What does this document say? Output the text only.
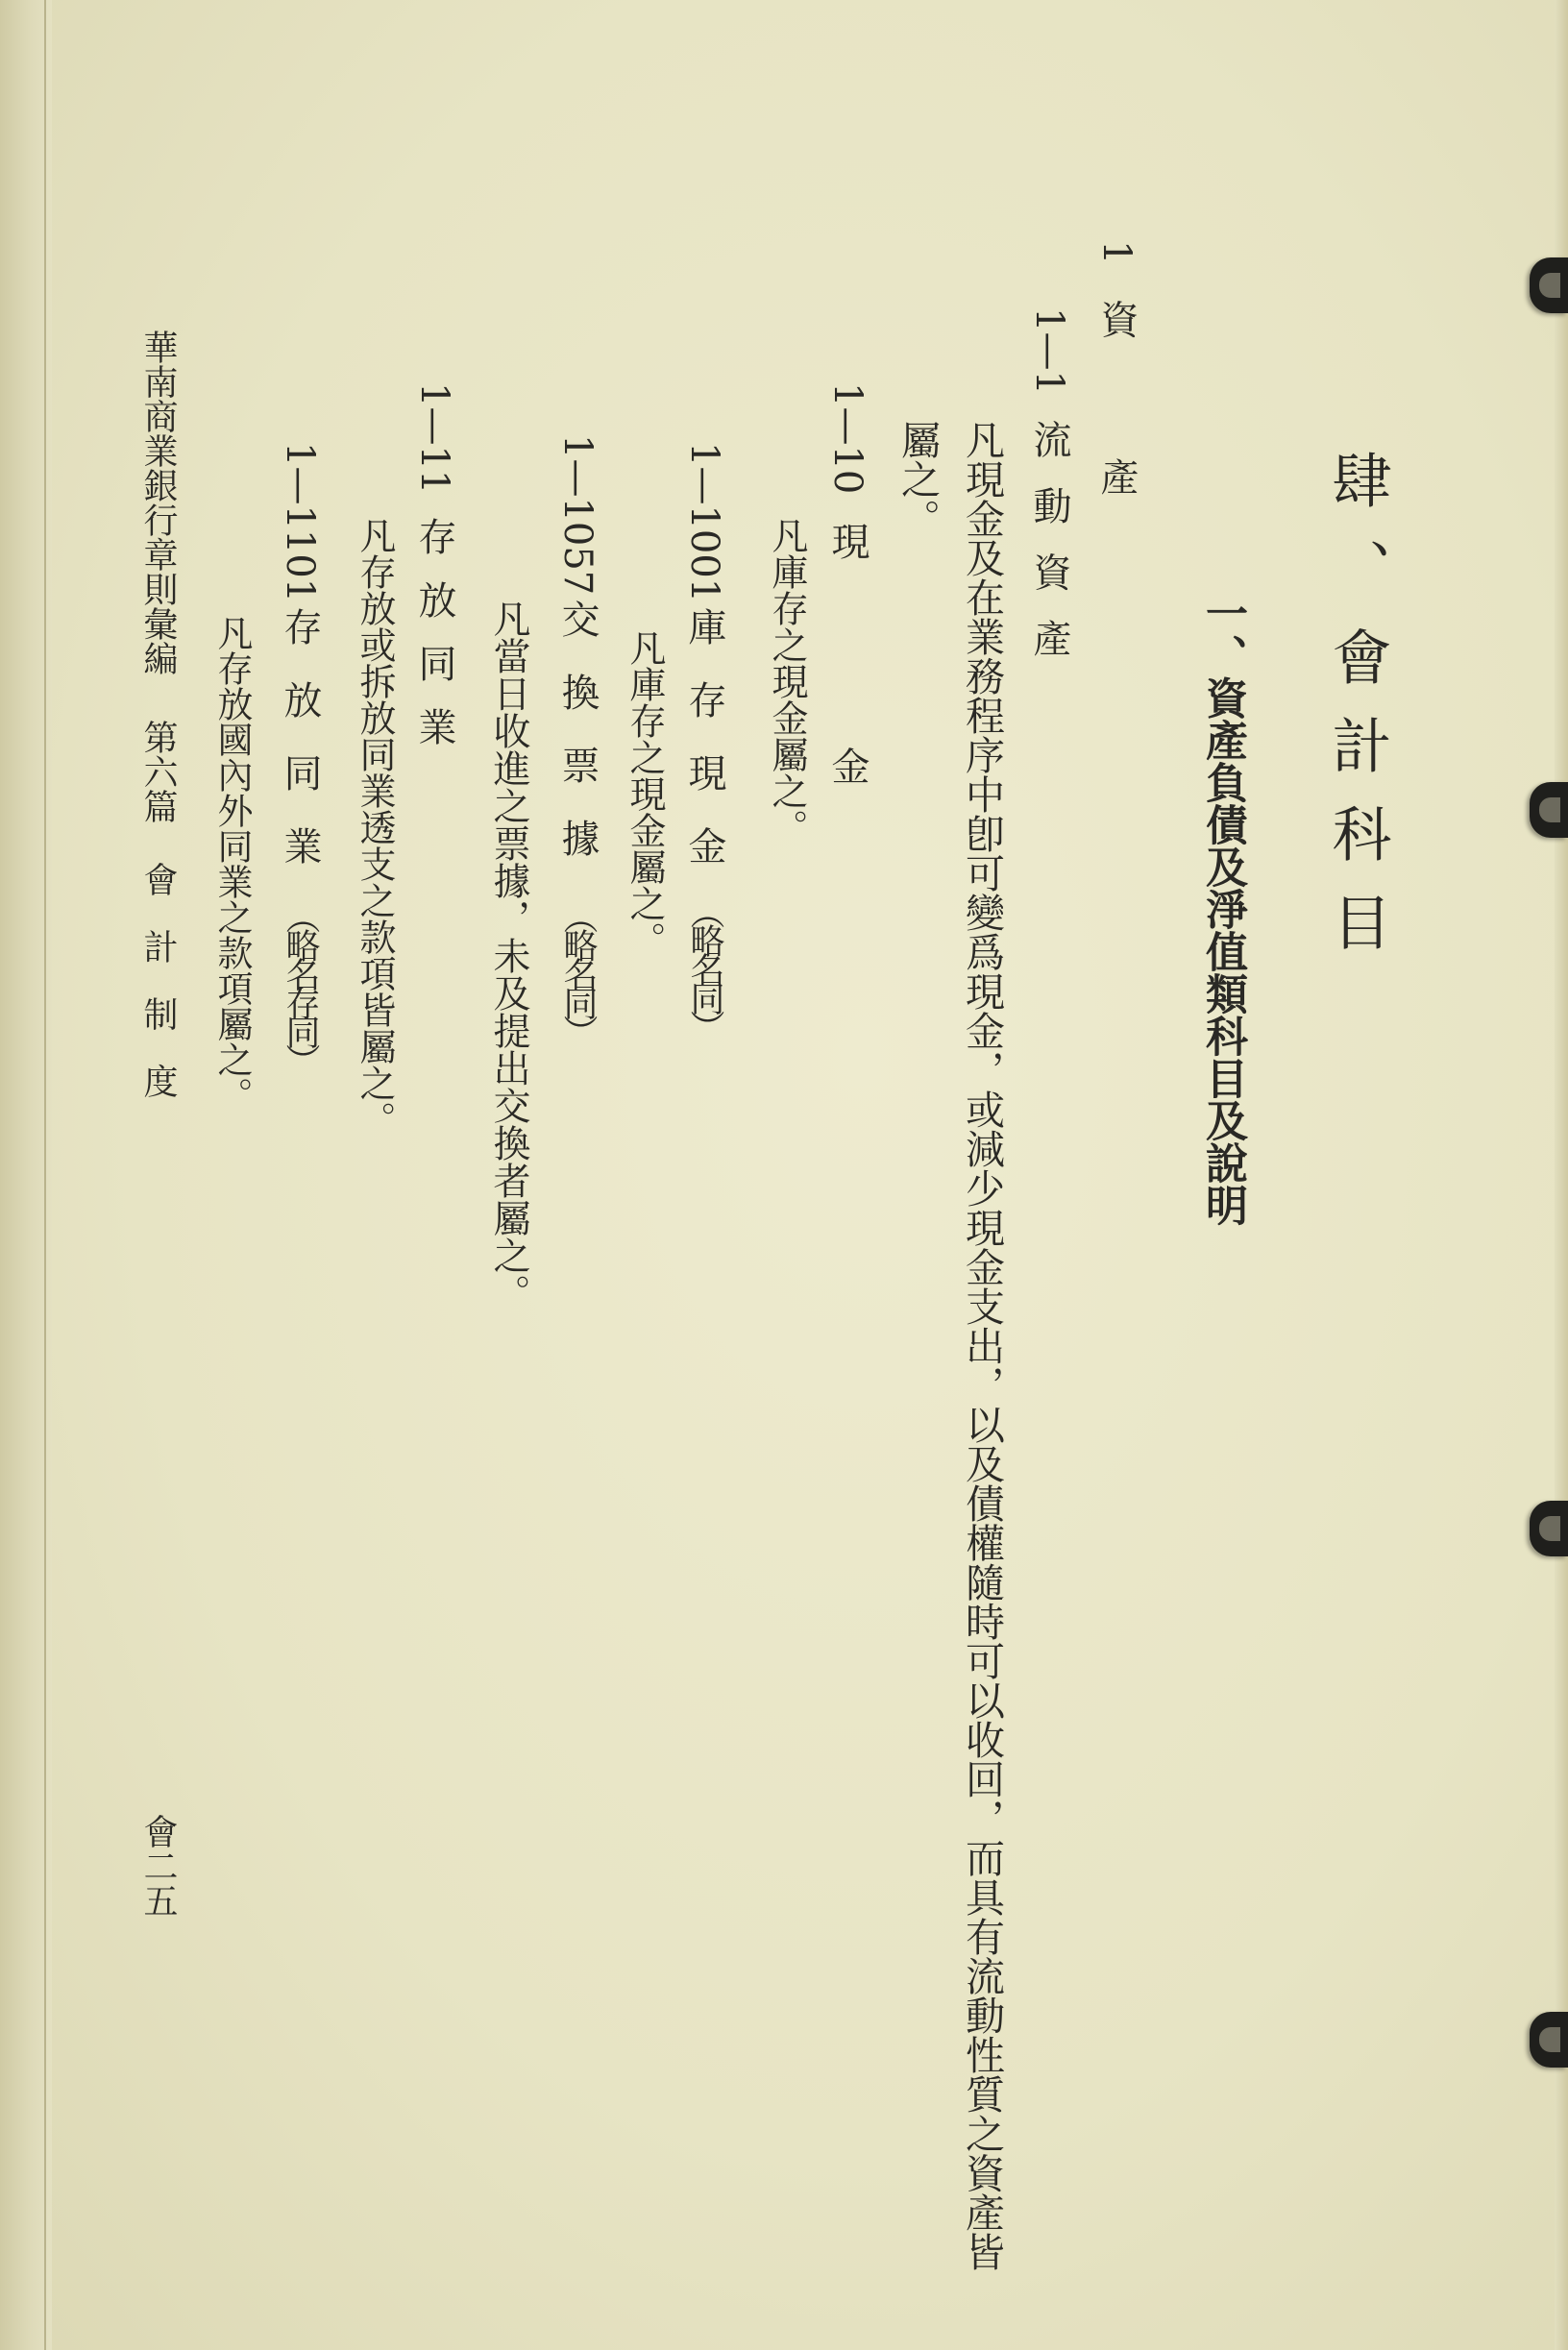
肆、會計科目
一、資產負債及淨值類科目及說明
1
資產
1—1
流動資產
凡現金及在業務程序中卽可變爲現金，或減少現金支出，以及債權隨時可以收回，而具有流動性質之資產皆
屬之。
1—10
現金
凡庫存之現金屬之。
1—1001
庫存現金
（略名同）
凡庫存之現金屬之。
1—1057
交換票據
（略名同）
凡當日收進之票據，未及提出交換者屬之。
1—11
存放同業
凡存放或拆放同業透支之款項皆屬之。
1—1101
存放同業
（略名存同）
凡存放國內外同業之款項屬之。
華南商業銀行章則彙編
第六篇
會計制度
會二五
